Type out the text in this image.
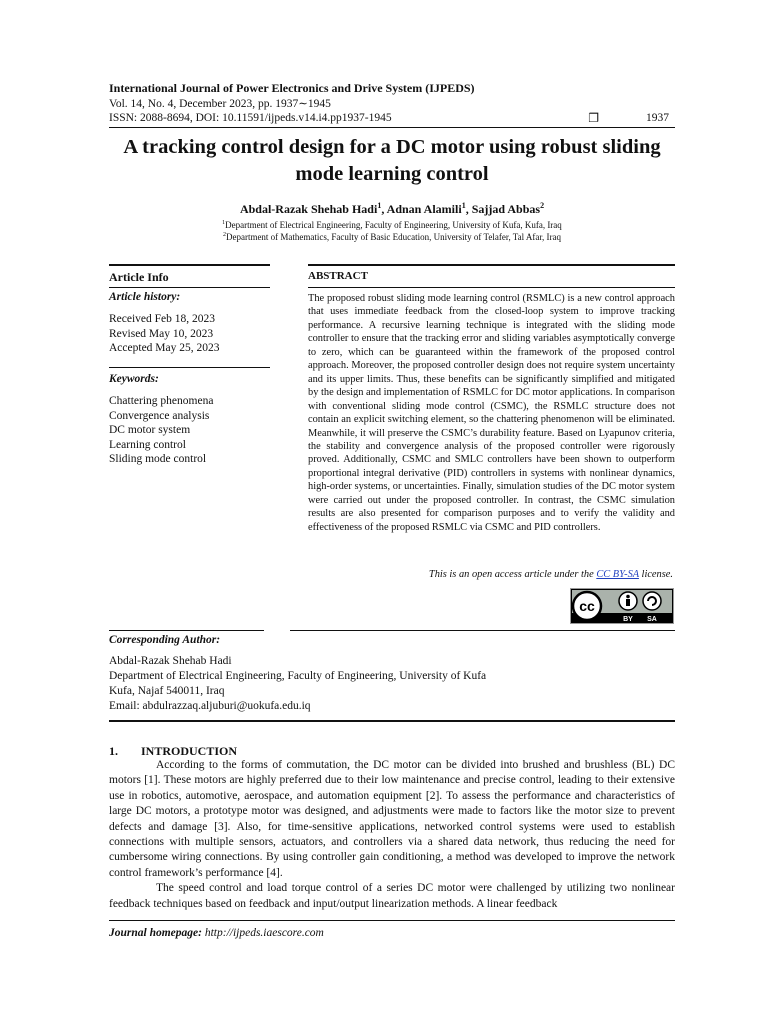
International Journal of Power Electronics and Drive System (IJPEDS)
Vol. 14, No. 4, December 2023, pp. 1937∼1945
ISSN: 2088-8694, DOI: 10.11591/ijpeds.v14.i4.pp1937-1945	❐	1937
A tracking control design for a DC motor using robust sliding mode learning control
Abdal-Razak Shehab Hadi$^1$, Adnan Alamili$^1$, Sajjad Abbas$^2$
$^1$Department of Electrical Engineering, Faculty of Engineering, University of Kufa, Kufa, Iraq
$^2$Department of Mathematics, Faculty of Basic Education, University of Telafer, Tal Afar, Iraq
Article Info	ABSTRACT
Article history:
Received Feb 18, 2023
Revised May 10, 2023
Accepted May 25, 2023
Keywords:
Chattering phenomena
Convergence analysis
DC motor system
Learning control
Sliding mode control
The proposed robust sliding mode learning control (RSMLC) is a new control approach that uses immediate feedback from the closed-loop system to improve tracking performance. A recursive learning technique is integrated with the sliding mode controller to ensure that the tracking error and sliding variables asymptotically converge to zero, which can be guaranteed within the framework of the proposed control approach. Moreover, the proposed controller design does not require system uncertainty and its upper limits. Thus, these benefits can be significantly simplified and mitigated by the design and implementation of RSMLC for DC motor applications. In comparison with conventional sliding mode control (CSMC), the RSMLC structure does not contain an explicit switching element, so the chattering phenomenon will be eliminated. Meanwhile, it will preserve the CSMC’s durability feature. Based on Lyapunov criteria, the stability and convergence analysis of the proposed controller were rigorously proved. Additionally, CSMC and SMLC controllers have been shown to outperform proportional integral derivative (PID) controllers in systems with nonlinear dynamics, high-order systems, or uncertainties. Finally, simulation studies of the DC motor system were carried out under the proposed controller. In contrast, the CSMC simulation results are also presented for comparison purposes and to verify the validity and effectiveness of the proposed RSMLC via CSMC and PID controllers.
This is an open access article under the CC BY-SA license.
cc
BY SA
Corresponding Author:
Abdal-Razak Shehab Hadi
Department of Electrical Engineering, Faculty of Engineering, University of Kufa
Kufa, Najaf 540011, Iraq
Email: abdulrazzaq.aljuburi@uokufa.edu.iq
1. INTRODUCTION

According to the forms of commutation, the DC motor can be divided into brushed and brushless (BL) DC motors [1]. These motors are highly preferred due to their low maintenance and precise control, leading to their extensive use in robotics, automotive, aerospace, and automation equipment [2]. To assess the performance and characteristics of large DC motors, a prototype motor was designed, and adjustments were made to factors like the motor size to prevent defects and damage [3]. Also, for time-sensitive applications, networked control systems were used to establish connections with multiple sensors, actuators, and controllers via a shared data network, thus reducing the need for cumbersome wiring connections. By using controller gain conditioning, a method was developed to improve the network control framework’s performance [4].

The speed control and load torque control of a series DC motor were challenged by utilizing two nonlinear feedback techniques based on feedback and input/output linearization methods. A linear feedback

Journal homepage: http://ijpeds.iaescore.com
